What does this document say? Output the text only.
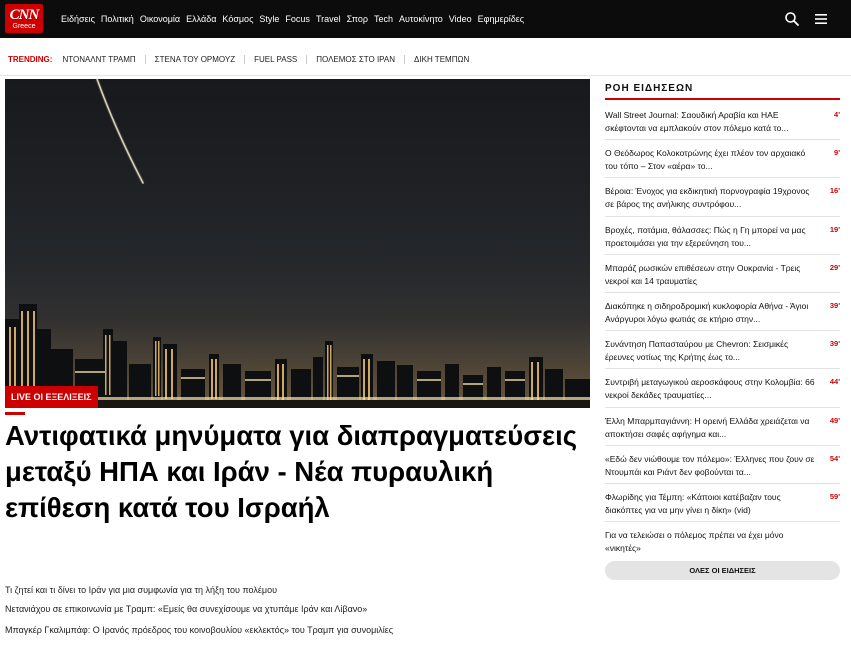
CNN
Greece
Ειδήσεις Πολιτική Οικονομία Ελλάδα Κόσμος Style Focus Travel Σπορ Tech Αυτοκίνητο Video Εφημερίδες
TRENDING: ΝΤΟΝΑΛΝΤ ΤΡΑΜΠ ΣΤΕΝΑ ΤΟΥ ΟΡΜΟΥΖ FUEL PASS ΠΟΛΕΜΟΣ ΣΤΟ ΙΡΑΝ ΔΙΚΗ ΤΕΜΠΩΝ
LIVE ΟΙ ΕΞΕΛΙΞΕΙΣ
Αντιφατικά μηνύματα για διαπραγματεύσεις μεταξύ ΗΠΑ και Ιράν - Νέα πυραυλική επίθεση κατά του Ισραήλ
Τι ζητεί και τι δίνει το Ιράν για μια συμφωνία για τη λήξη του πολέμου
Νετανιάχου σε επικοινωνία με Τραμπ: «Εμείς θα συνεχίσουμε να χτυπάμε Ιράν και Λίβανο»
Μπαγκέρ Γκαλιμπάφ: Ο Ιρανός πρόεδρος του κοινοβουλίου «εκλεκτός» του Τραμπ για συνομιλίες
ΡΟΗ ΕΙΔΗΣΕΩΝ
Wall Street Journal: Σαουδική Αραβία και ΗΑΕ σκέφτονται να εμπλακούν στον πόλεμο κατά το...
4'
Ο Θεόδωρος Κολοκοτρώνης έχει πλέον τον αρχαιακό του τόπο – Στον «αέρα» το...
9'
Βέροια: Ένοχος για εκδικητική πορνογραφία 19χρονος σε βάρος της ανήλικης συντρόφου...
16'
Βροχές, ποτάμια, θάλασσες: Πώς η Γη μπορεί να μας προετοιμάσει για την εξερεύνηση του...
19'
Μπαράζ ρωσικών επιθέσεων στην Ουκρανία - Τρεις νεκροί και 14 τραυματίες
29'
Διακόπηκε η σιδηροδρομική κυκλοφορία Αθήνα - Άγιοι Ανάργυροι λόγω φωτιάς σε κτήριο στην...
39'
Συνάντηση Παπασταύρου με Chevron: Σεισμικές έρευνες νοτίως της Κρήτης έως το...
39'
Συντριβή μεταγωγικού αεροσκάφους στην Κολομβία: 66 νεκροί δεκάδες τραυματίες...
44'
Έλλη Μπαρμπαγιάννη: Η ορεινή Ελλάδα χρειάζεται να αποκτήσει σαφές αφήγημα και...
49'
«Εδώ δεν νιώθουμε τον πόλεμο»: Έλληνες που ζουν σε Ντουμπάι και Ριάντ δεν φοβούνται τα...
54'
Φλωρίδης για Τέμπη: «Κάποιοι κατέβαζαν τους διακόπτες για να μην γίνει η δίκη» (vid)
59'
Για να τελειώσει ο πόλεμος πρέπει να έχει μόνο «νικητές»
ΟΛΕΣ ΟΙ ΕΙΔΗΣΕΙΣ
